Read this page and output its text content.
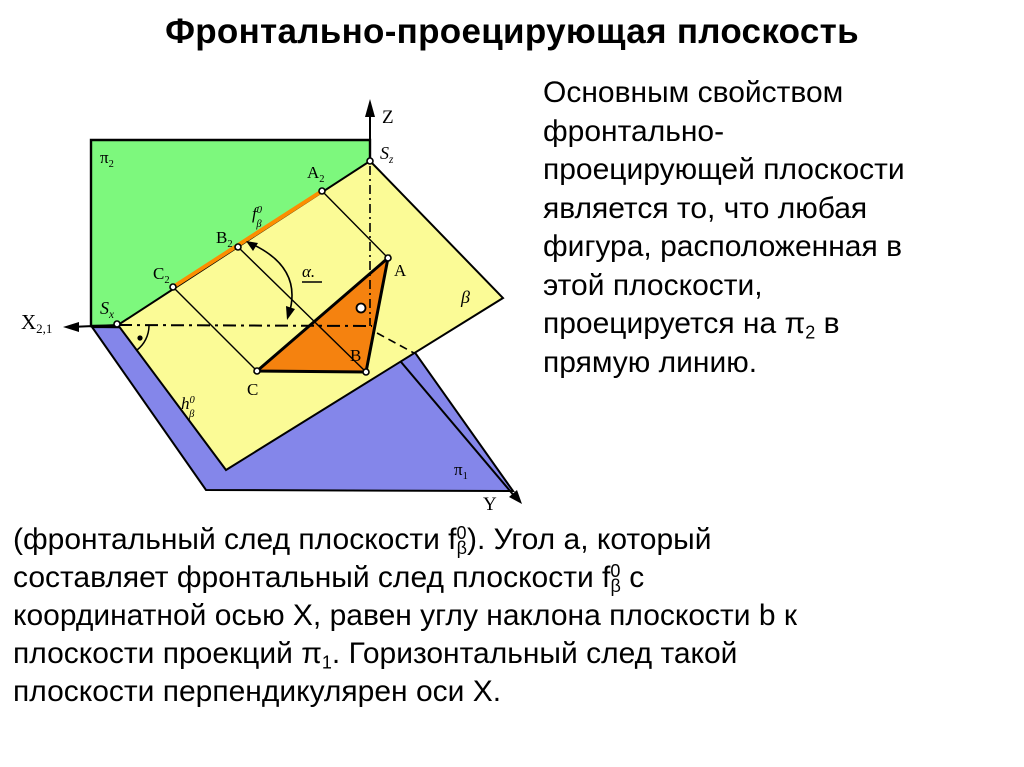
Фронтально-проецирующая плоскость
Z
$S_z$
$\pi_2$	$A_2$
$f^0$ β
$B_2$
$C_2$
$S_x$
X2,1
α.	A
B
C
β
$h^0$ β
$\pi_1$
Y
Основным свойством
фронтально-
проецирующей плоскости
является то, что любая
фигура, расположенная в
этой плоскости,
проецируется на $\pi_2$ в
прямую линию.
(фронтальный след плоскости $f^0_\beta$). Угол a, который
составляет фронтальный след плоскости $f^0_\beta$ с
координатной осью X, равен углу наклона плоскости b к
плоскости проекций $\pi_1$. Горизонтальный след такой
плоскости перпендикулярен оси X.
